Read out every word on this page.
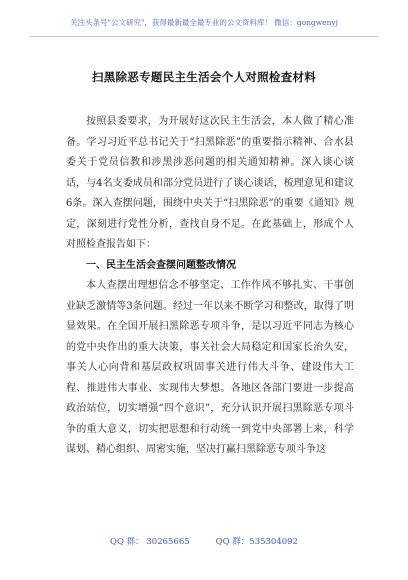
关注头条号"公文研究"，获得最新最全最专业的公文资料库！ 微信：gongwenyj
扫黑除恶专题民主生活会个人对照检查材料

按照县委要求，为开展好这次民主生活会，本人做了精心准备。学习习近平总书记关于“扫黑除恶”的重要指示精神、合水县委关于党员信教和涉黑涉恶问题的相关通知精神。深入谈心谈话，与4名支委成员和部分党员进行了谈心谈话，梳理意见和建议6条。深入查摆问题，围绕中央关于“扫黑除恶”的重要《通知》规定，深刻进行党性分析，查找自身不足。在此基础上，形成个人对照检查报告如下：

一、民主生活会查摆问题整改情况

本人查摆出理想信念不够坚定、工作作风不够扎实、干事创业缺乏激情等3条问题。经过一年以来不断学习和整改，取得了明显效果。在全国开展扫黑除恶专项斗争，是以习近平同志为核心的党中央作出的重大决策，事关社会大局稳定和国家长治久安，事关人心向背和基层政权巩固事关进行伟大斗争、建设伟大工程、推进伟大事业、实现伟大梦想。各地区各部门要进一步提高政治站位，切实增强“四个意识”，充分认识开展扫黑除恶专项斗争的重大意义，切实把思想和行动统一到党中央部署上来，科学谋划、精心组织、周密实施，坚决打赢扫黑除恶专项斗争这

QQ 群： 30265665	QQ 群：535304092
